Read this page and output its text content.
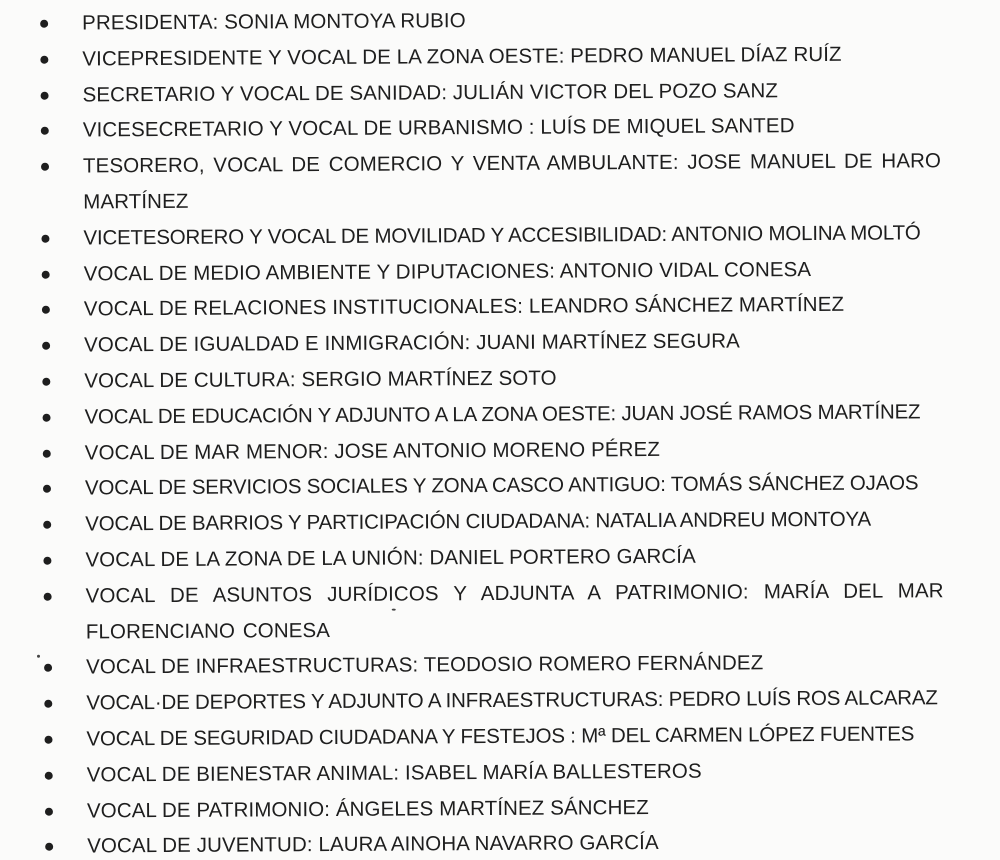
PRESIDENTA: SONIA MONTOYA RUBIO
VICEPRESIDENTE Y VOCAL DE LA ZONA OESTE: PEDRO MANUEL DÍAZ RUÍZ
SECRETARIO Y VOCAL DE SANIDAD: JULIÁN VICTOR DEL POZO SANZ
VICESECRETARIO Y VOCAL DE URBANISMO : LUÍS DE MIQUEL SANTED
TESORERO, VOCAL DE COMERCIO Y VENTA AMBULANTE: JOSE MANUEL DE HARO MARTÍNEZ
VICETESORERO Y VOCAL DE MOVILIDAD Y ACCESIBILIDAD: ANTONIO MOLINA MOLTÓ
VOCAL DE MEDIO AMBIENTE Y DIPUTACIONES: ANTONIO VIDAL CONESA
VOCAL DE RELACIONES INSTITUCIONALES: LEANDRO SÁNCHEZ MARTÍNEZ
VOCAL DE IGUALDAD E INMIGRACIÓN: JUANI MARTÍNEZ SEGURA
VOCAL DE CULTURA: SERGIO MARTÍNEZ SOTO
VOCAL DE EDUCACIÓN Y ADJUNTO A LA ZONA OESTE: JUAN JOSÉ RAMOS MARTÍNEZ
VOCAL DE MAR MENOR: JOSE ANTONIO MORENO PÉREZ
VOCAL DE SERVICIOS SOCIALES Y ZONA CASCO ANTIGUO: TOMÁS SÁNCHEZ OJAOS
VOCAL DE BARRIOS Y PARTICIPACIÓN CIUDADANA: NATALIA ANDREU MONTOYA
VOCAL DE LA ZONA DE LA UNIÓN: DANIEL PORTERO GARCÍA
VOCAL DE ASUNTOS JURÍDICOS Y ADJUNTA A PATRIMONIO: MARÍA DEL MAR FLORENCIANO CONESA
VOCAL DE INFRAESTRUCTURAS: TEODOSIO ROMERO FERNÁNDEZ
VOCAL·DE DEPORTES Y ADJUNTO A INFRAESTRUCTURAS: PEDRO LUÍS ROS ALCARAZ
VOCAL DE SEGURIDAD CIUDADANA Y FESTEJOS : Mª DEL CARMEN LÓPEZ FUENTES
VOCAL DE BIENESTAR ANIMAL: ISABEL MARÍA BALLESTEROS
VOCAL DE PATRIMONIO: ÁNGELES MARTÍNEZ SÁNCHEZ
VOCAL DE JUVENTUD: LAURA AINOHA NAVARRO GARCÍA
